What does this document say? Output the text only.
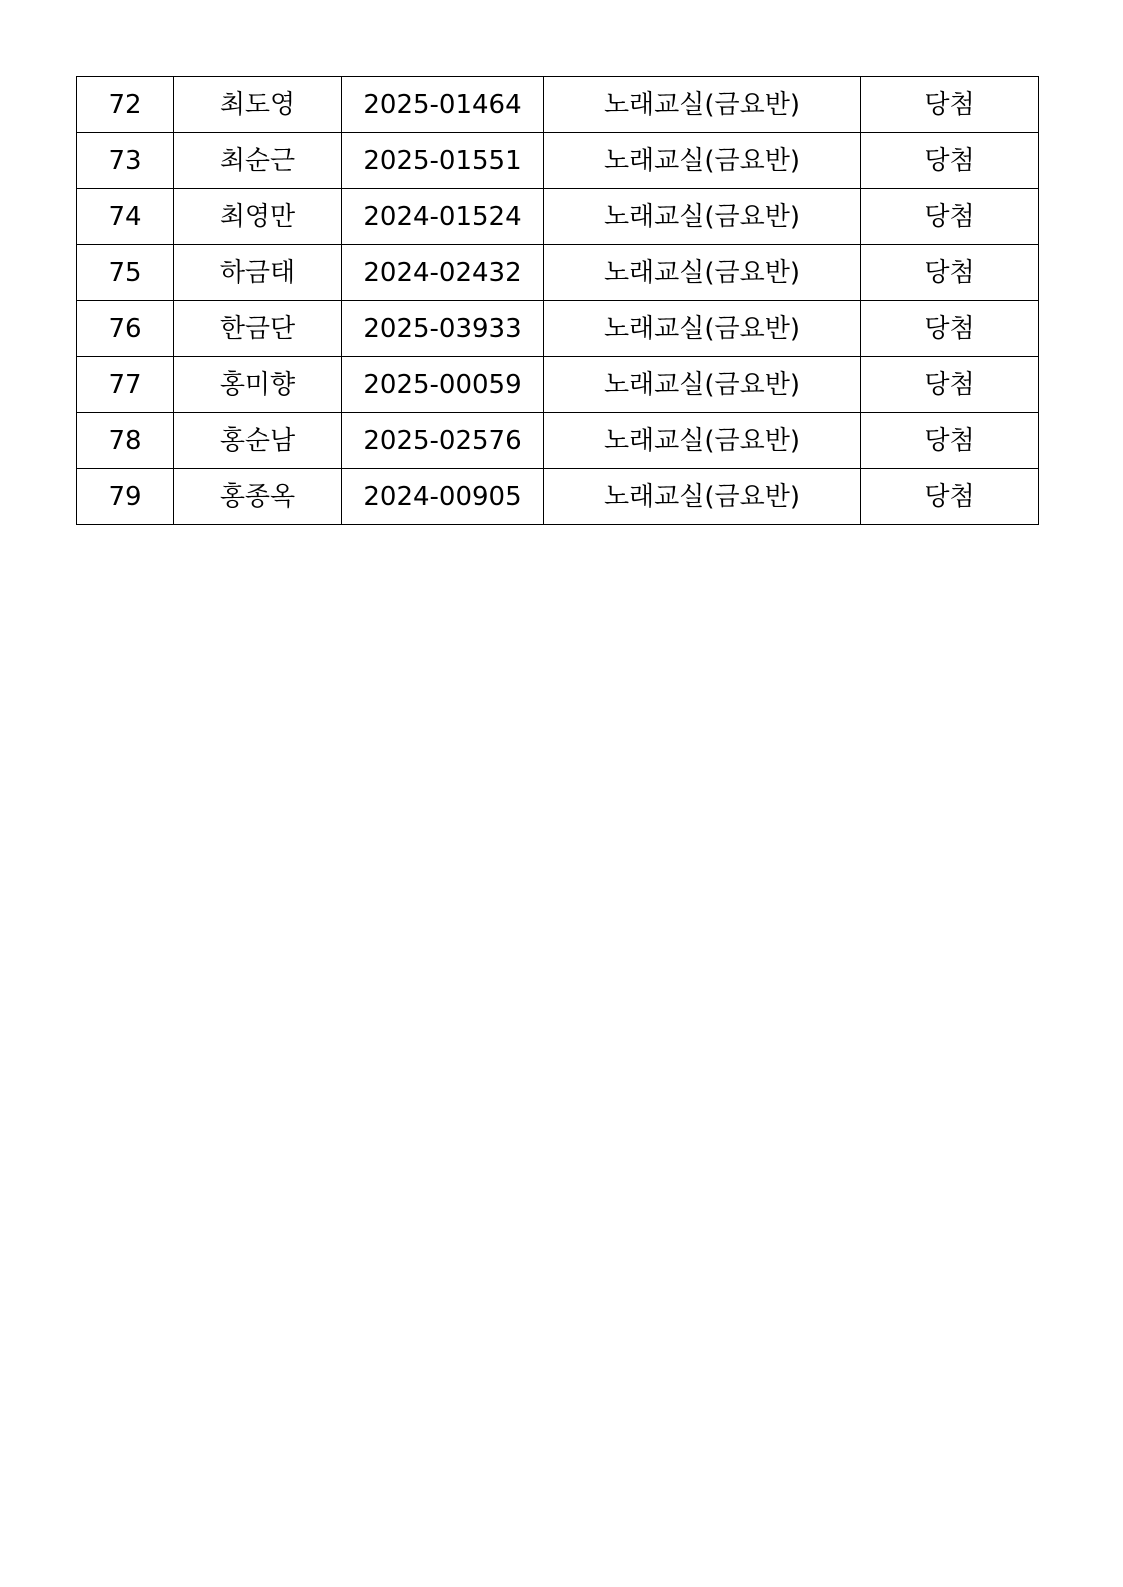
72	최도영	2025-01464	노래교실(금요반)	당첨
73	최순근	2025-01551	노래교실(금요반)	당첨
74	최영만	2024-01524	노래교실(금요반)	당첨
75	하금태	2024-02432	노래교실(금요반)	당첨
76	한금단	2025-03933	노래교실(금요반)	당첨
77	홍미향	2025-00059	노래교실(금요반)	당첨
78	홍순남	2025-02576	노래교실(금요반)	당첨
79	홍종옥	2024-00905	노래교실(금요반)	당첨
